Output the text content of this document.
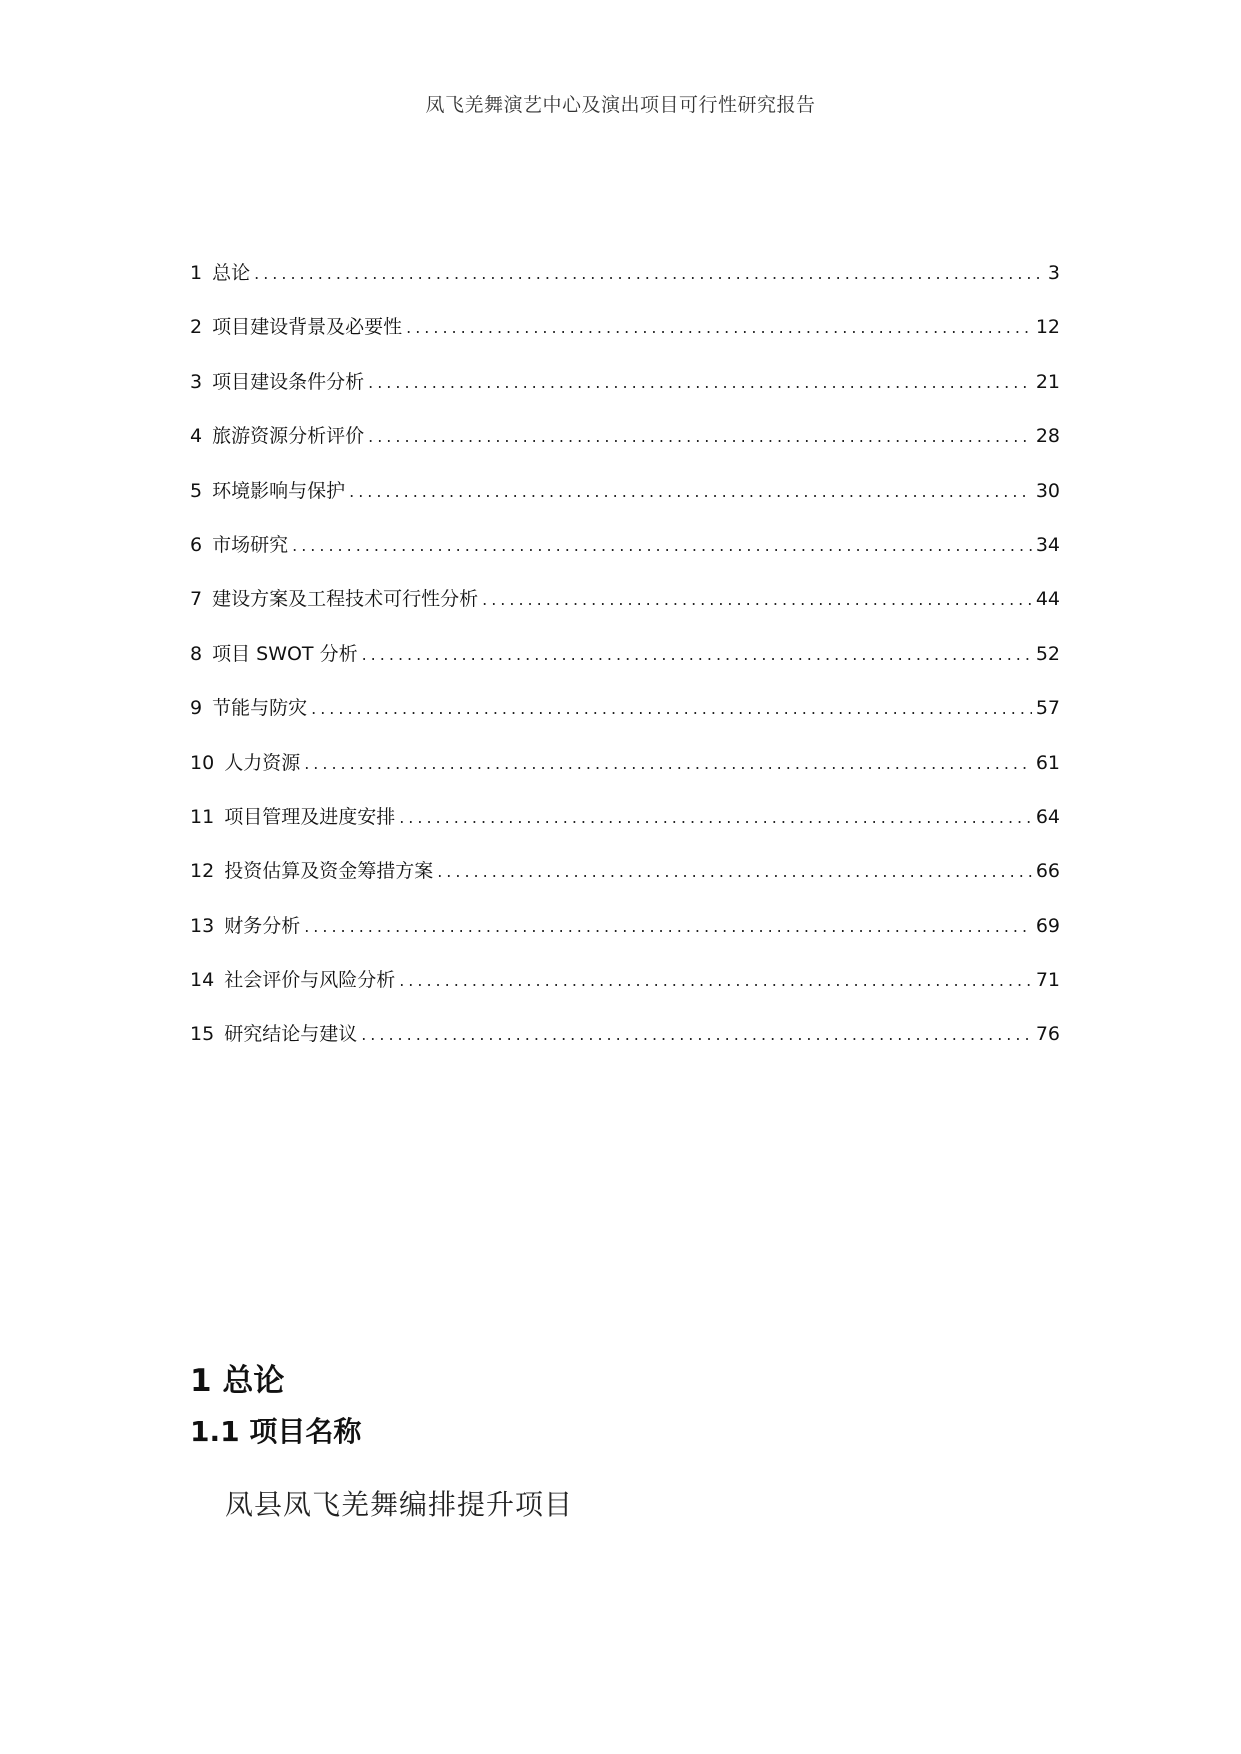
凤飞羌舞演艺中心及演出项目可行性研究报告
1 总论 .....	3
2 项目建设背景及必要性 .....	12
3 项目建设条件分析 .....	21
4 旅游资源分析评价 .....	28
5 环境影响与保护 .....	30
6 市场研究 .....	34
7 建设方案及工程技术可行性分析 .....	44
8 项目 SWOT 分析 .....	52
9 节能与防灾 .....	57
10 人力资源 .....	61
11 项目管理及进度安排 .....	64
12 投资估算及资金筹措方案 .....	66
13 财务分析 .....	69
14 社会评价与风险分析 .....	71
15 研究结论与建议 .....	76
1 总论
1.1 项目名称

凤县凤飞羌舞编排提升项目
